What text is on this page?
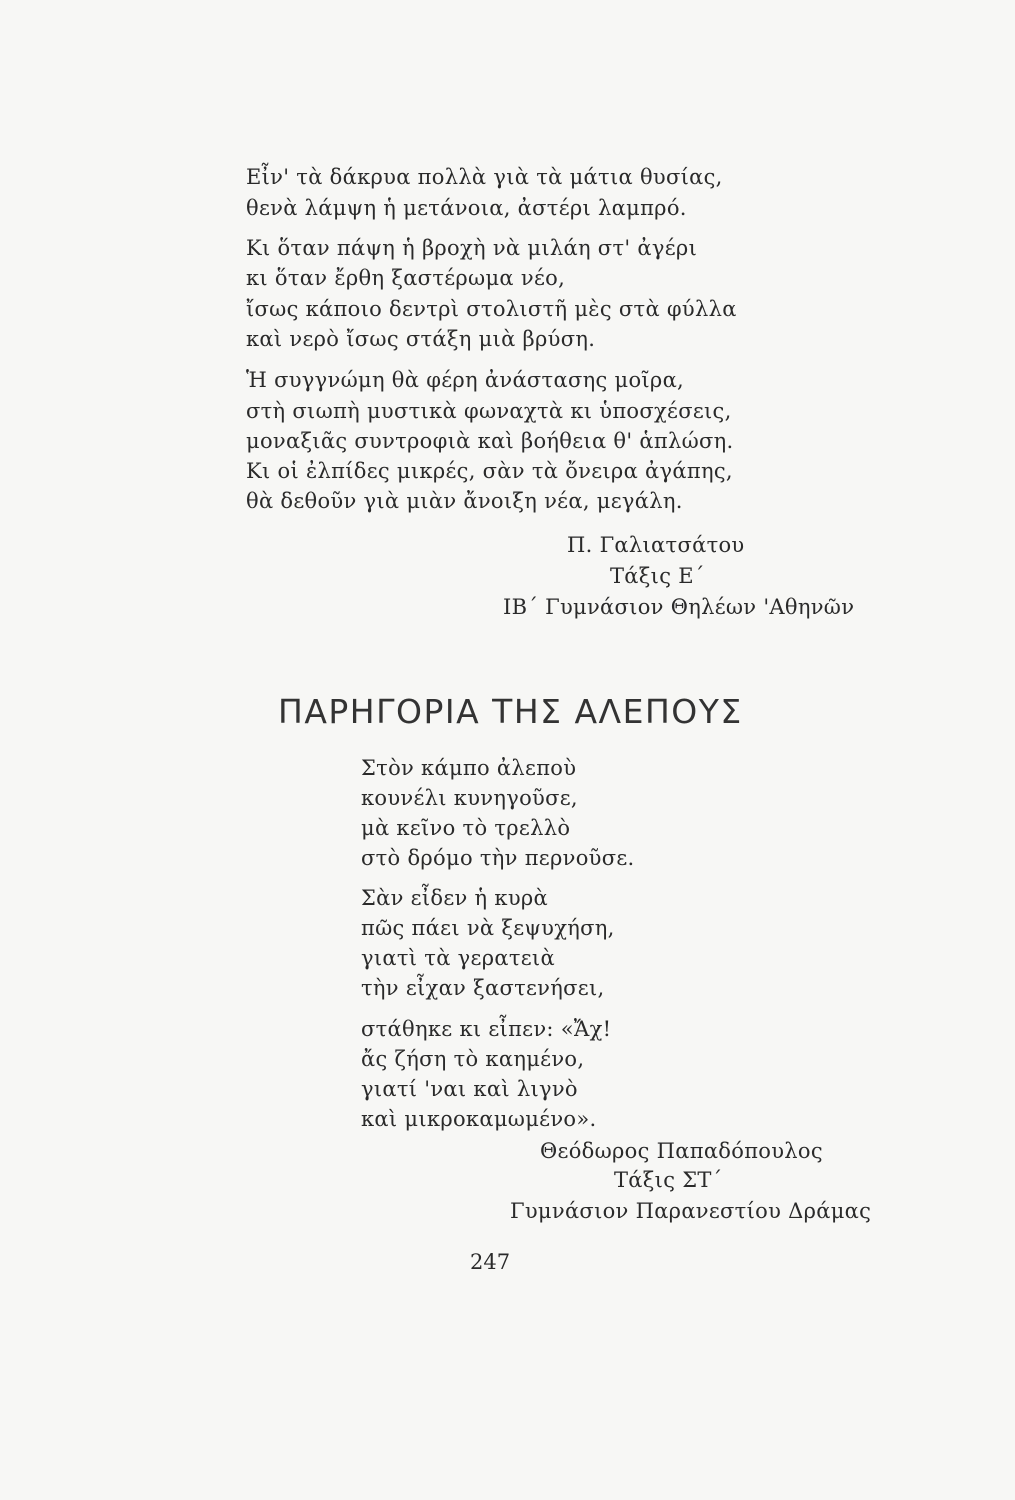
Εἶν' τὰ δάκρυα πολλὰ γιὰ τὰ μάτια θυσίας,
θενὰ λάμψη ἡ μετάνοια, ἀστέρι λαμπρό.
Κι ὅταν πάψη ἡ βροχὴ νὰ μιλάη στ' ἀγέρι
κι ὅταν ἔρθη ξαστέρωμα νέο,
ἴσως κάποιο δεντρὶ στολιστῆ μὲς στὰ φύλλα
καὶ νερὸ ἴσως στάξη μιὰ βρύση.
Ἡ συγγνώμη θὰ φέρη ἀνάστασης μοῖρα,
στὴ σιωπὴ μυστικὰ φωναχτὰ κι ὑποσχέσεις,
μοναξιᾶς συντροφιὰ καὶ βοήθεια θ' ἁπλώση.
Κι οἱ ἐλπίδες μικρές, σὰν τὰ ὄνειρα ἀγάπης,
θὰ δεθοῦν γιὰ μιὰν ἄνοιξη νέα, μεγάλη.
Π. Γαλιατσάτου
Τάξις Ε΄
ΙΒ΄ Γυμνάσιον Θηλέων 'Αθηνῶν
ΠΑΡΗΓΟΡΙΑ ΤΗΣ ΑΛΕΠΟΥΣ
Στὸν κάμπο ἀλεποὺ
κουνέλι κυνηγοῦσε,
μὰ κεῖνο τὸ τρελλὸ
στὸ δρόμο τὴν περνοῦσε.
Σὰν εἶδεν ἡ κυρὰ
πῶς πάει νὰ ξεψυχήση,
γιατὶ τὰ γερατειὰ
τὴν εἶχαν ξαστενήσει,
στάθηκε κι εἶπεν: «Ἄχ!
ἄς ζήση τὸ καημένο,
γιατί 'ναι καὶ λιγνὸ
καὶ μικροκαμωμένο».
Θεόδωρος Παπαδόπουλος
Τάξις ΣΤ΄
Γυμνάσιον Παρανεστίου Δράμας
247
